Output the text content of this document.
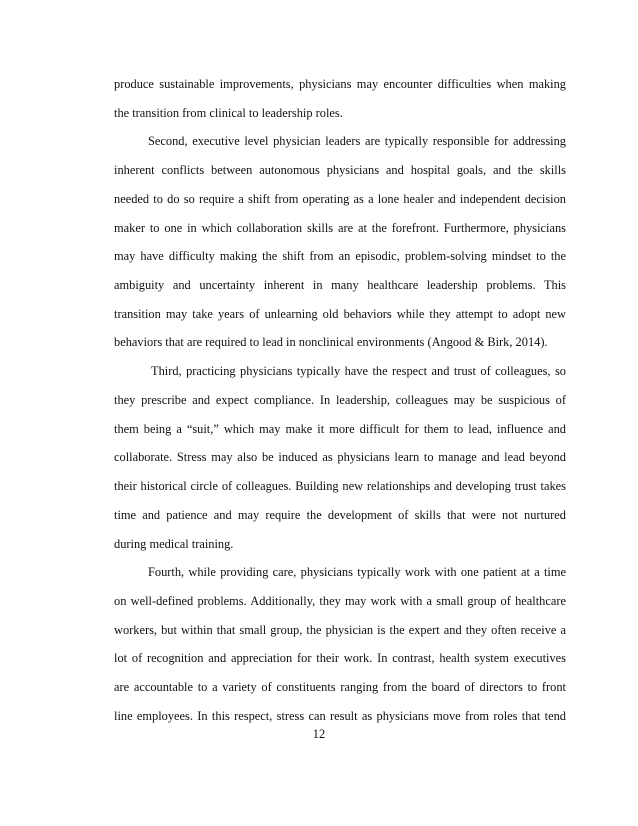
produce sustainable improvements, physicians may encounter difficulties when making
the transition from clinical to leadership roles.
Second, executive level physician leaders are typically responsible for addressing
inherent conflicts between autonomous physicians and hospital goals, and the skills
needed to do so require a shift from operating as a lone healer and independent decision
maker to one in which collaboration skills are at the forefront. Furthermore, physicians
may have difficulty making the shift from an episodic, problem-solving mindset to the
ambiguity and uncertainty inherent in many healthcare leadership problems. This
transition may take years of unlearning old behaviors while they attempt to adopt new
behaviors that are required to lead in nonclinical environments (Angood & Birk, 2014).
Third, practicing physicians typically have the respect and trust of colleagues, so
they prescribe and expect compliance. In leadership, colleagues may be suspicious of
them being a “suit,” which may make it more difficult for them to lead, influence and
collaborate. Stress may also be induced as physicians learn to manage and lead beyond
their historical circle of colleagues. Building new relationships and developing trust takes
time and patience and may require the development of skills that were not nurtured
during medical training.
Fourth, while providing care, physicians typically work with one patient at a time
on well-defined problems. Additionally, they may work with a small group of healthcare
workers, but within that small group, the physician is the expert and they often receive a
lot of recognition and appreciation for their work. In contrast, health system executives
are accountable to a variety of constituents ranging from the board of directors to front
line employees. In this respect, stress can result as physicians move from roles that tend
12
